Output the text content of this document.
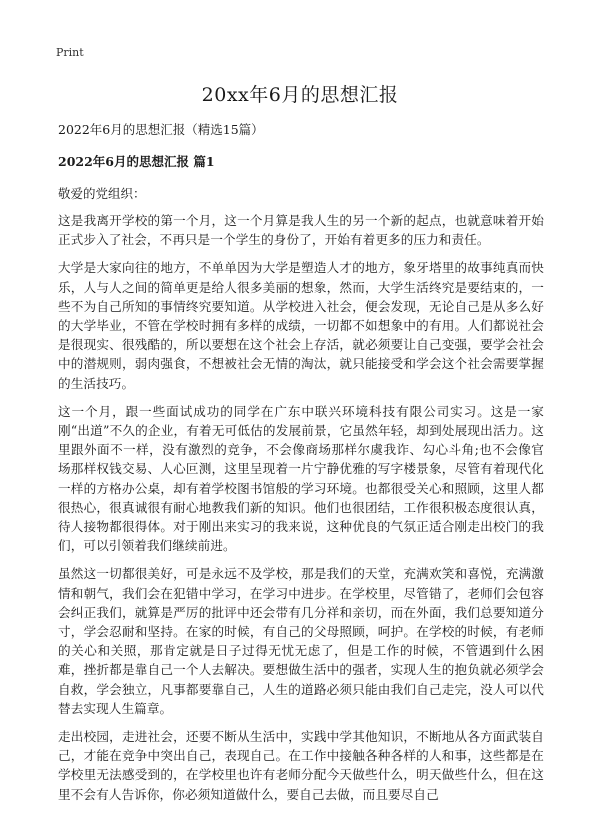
Print
20xx年6月的思想汇报
2022年6月的思想汇报（精选15篇）
2022年6月的思想汇报 篇1
敬爱的党组织：

这是我离开学校的第一个月，这一个月算是我人生的另一个新的起点，也就意味着开始正式步入了社会，不再只是一个学生的身份了，开始有着更多的压力和责任。

大学是大家向往的地方，不单单因为大学是塑造人才的地方，象牙塔里的故事纯真而快乐，人与人之间的简单更是给人很多美丽的想象，然而，大学生活终究是要结束的，一些不为自己所知的事情终究要知道。从学校进入社会，便会发现，无论自己是从多么好的大学毕业，不管在学校时拥有多样的成绩，一切都不如想象中的有用。人们都说社会是很现实、很残酷的，所以要想在这个社会上存活，就必须要让自己变强，要学会社会中的潜规则，弱肉强食，不想被社会无情的淘汰，就只能接受和学会这个社会需要掌握的生活技巧。

这一个月，跟一些面试成功的同学在广东中联兴环境科技有限公司实习。这是一家刚“出道”不久的企业，有着无可低估的发展前景，它虽然年轻，却到处展现出活力。这里跟外面不一样，没有激烈的竞争，不会像商场那样尔虞我诈、勾心斗角;也不会像官场那样权钱交易、人心叵测，这里呈现着一片宁静优雅的写字楼景象，尽管有着现代化一样的方格办公桌，却有着学校图书馆般的学习环境。也都很受关心和照顾，这里人都很热心，很真诚很有耐心地教我们新的知识。他们也很团结，工作很积极态度很认真，待人接物都很得体。对于刚出来实习的我来说，这种优良的气氛正适合刚走出校门的我们，可以引领着我们继续前进。

虽然这一切都很美好，可是永远不及学校，那是我们的天堂，充满欢笑和喜悦，充满激情和朝气，我们会在犯错中学习，在学习中进步。在学校里，尽管错了，老师们会包容会纠正我们，就算是严厉的批评中还会带有几分祥和亲切，而在外面，我们总要知道分寸，学会忍耐和坚持。在家的时候，有自己的父母照顾，呵护。在学校的时候，有老师的关心和关照，那肯定就是日子过得无忧无虑了，但是工作的时候，不管遇到什么困难，挫折都是靠自己一个人去解决。要想做生活中的强者，实现人生的抱负就必须学会自救，学会独立，凡事都要靠自己，人生的道路必须只能由我们自己走完，没人可以代替去实现人生篇章。

走出校园，走进社会，还要不断从生活中，实践中学其他知识，不断地从各方面武装自己，才能在竞争中突出自己，表现自己。在工作中接触各种各样的人和事，这些都是在学校里无法感受到的，在学校里也许有老师分配今天做些什么，明天做些什么，但在这里不会有人告诉你，你必须知道做什么，要自己去做，而且要尽自己
